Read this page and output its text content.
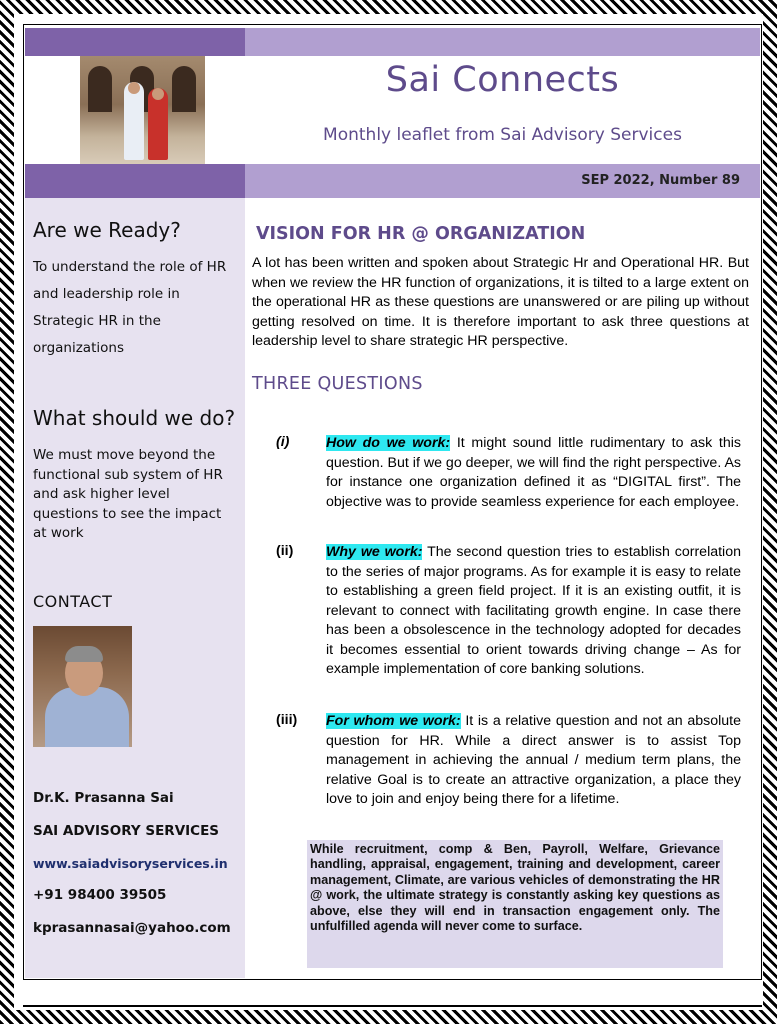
Sai Connects
Monthly leaflet from Sai Advisory Services
SEP 2022, Number 89
Are we Ready?
To understand the role of HR and leadership role in Strategic HR in the organizations
What should we do?
We must move beyond the functional sub system of HR and ask higher level questions to see the impact at work
CONTACT
Dr.K. Prasanna Sai
SAI ADVISORY SERVICES
www.saiadvisoryservices.in
+91 98400 39505
kprasannasai@yahoo.com
VISION FOR HR @ ORGANIZATION
A lot has been written and spoken about Strategic Hr and Operational HR. But when we review the HR function of organizations, it is tilted to a large extent on the operational HR as these questions are unanswered or are piling up without getting resolved on time. It is therefore important to ask three questions at leadership level to share strategic HR perspective.
THREE QUESTIONS
(i)	How do we work: It might sound little rudimentary to ask this question. But if we go deeper, we will find the right perspective. As for instance one organization defined it as “DIGITAL first”. The objective was to provide seamless experience for each employee.
(ii) Why we work: The second question tries to establish correlation to the series of major programs. As for example it is easy to relate to establishing a green field project. If it is an existing outfit, it is relevant to connect with facilitating growth engine. In case there has been a obsolescence in the technology adopted for decades it becomes essential to orient towards driving change – As for example implementation of core banking solutions.
(iii) For whom we work: It is a relative question and not an absolute question for HR. While a direct answer is to assist Top management in achieving the annual / medium term plans, the relative Goal is to create an attractive organization, a place they love to join and enjoy being there for a lifetime.

While recruitment, comp & Ben, Payroll, Welfare, Grievance handling, appraisal, engagement, training and development, career management, Climate, are various vehicles of demonstrating the HR @ work, the ultimate strategy is constantly asking key questions as above, else they will end in transaction engagement only. The unfulfilled agenda will never come to surface.
